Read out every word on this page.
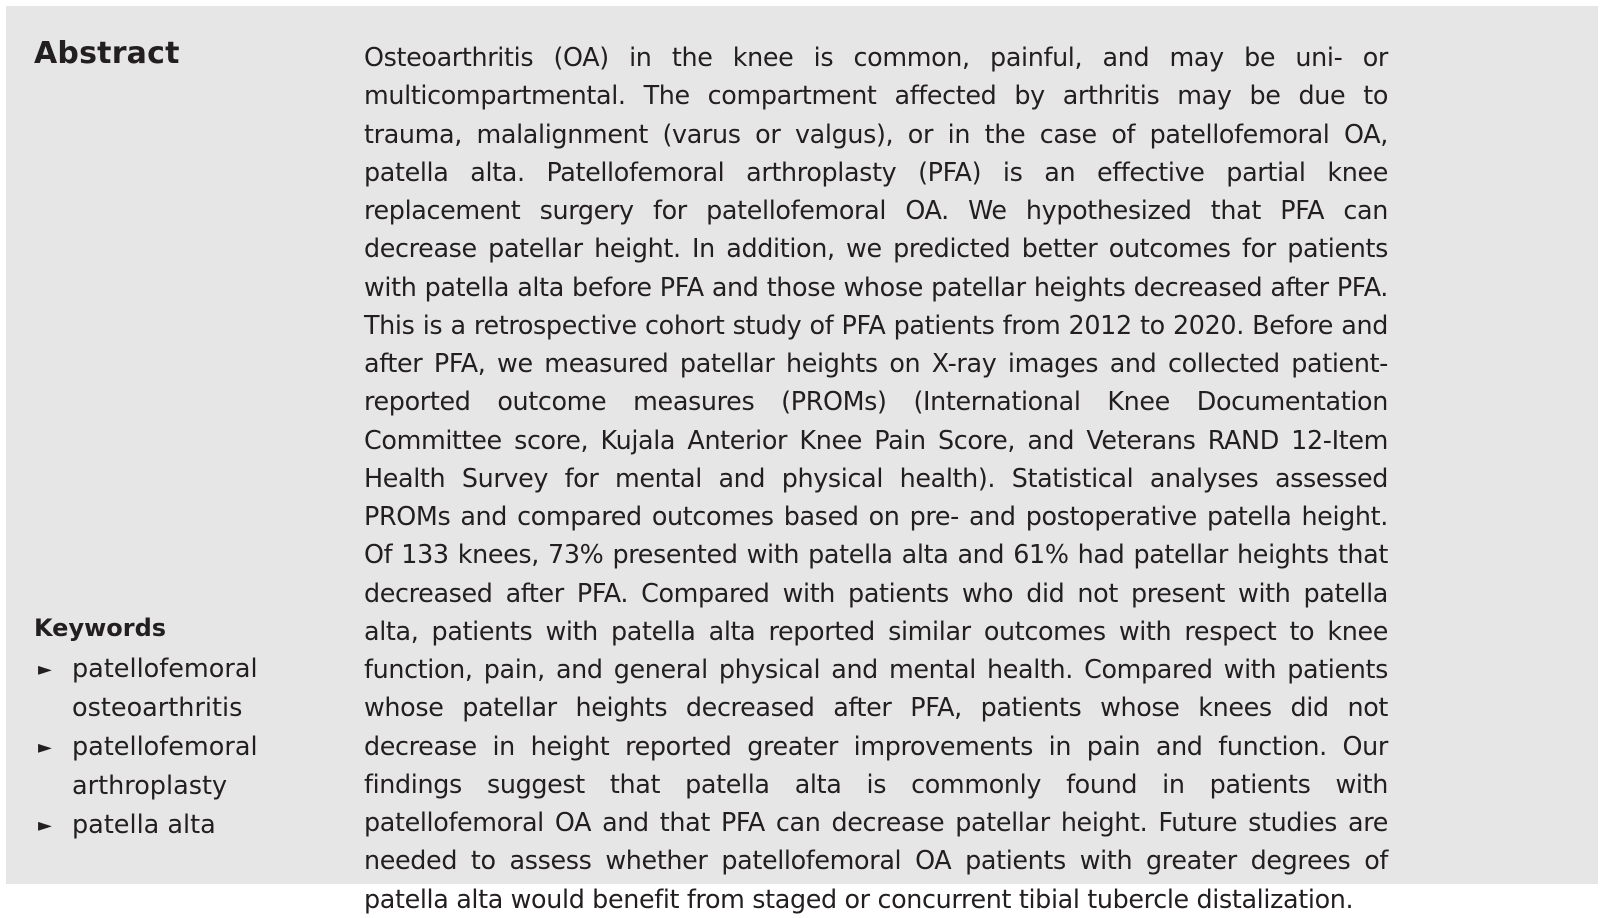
Abstract	Osteoarthritis (OA) in the knee is common, painful, and may be uni- or multicompartmental. The compartment affected by arthritis may be due to trauma, malalignment (varus or valgus), or in the case of patellofemoral OA, patella alta. Patellofemoral arthroplasty (PFA) is an effective partial knee replacement surgery for patellofemoral OA. We hypothesized that PFA can decrease patellar height. In addition, we predicted better outcomes for patients with patella alta before PFA and those whose patellar heights decreased after PFA. This is a retrospective cohort study of PFA patients from 2012 to 2020. Before and after PFA, we measured patellar heights on X-ray images and collected patient-reported outcome measures (PROMs) (International Knee Documentation Committee score, Kujala Anterior Knee Pain Score, and Veterans RAND 12-Item Health Survey for mental and physical health). Statistical analyses assessed PROMs and compared outcomes based on pre- and postoperative patella height. Of 133 knees, 73% presented with patella alta and 61% had patellar heights that decreased after PFA. Compared with patients who did not present with patella alta, patients with patella alta reported similar outcomes with respect to knee function, pain, and general physical and mental health. Compared with patients whose patellar heights decreased after PFA, patients whose knees did not decrease in height reported greater improvements in pain and function. Our findings suggest that patella alta is commonly found in patients with patellofemoral OA and that PFA can decrease patellar height. Future studies are needed to assess whether patellofemoral OA patients with greater degrees of patella alta would benefit from staged or concurrent tibial tubercle distalization.

Keywords
► patellofemoral osteoarthritis
► patellofemoral arthroplasty
► patella alta
